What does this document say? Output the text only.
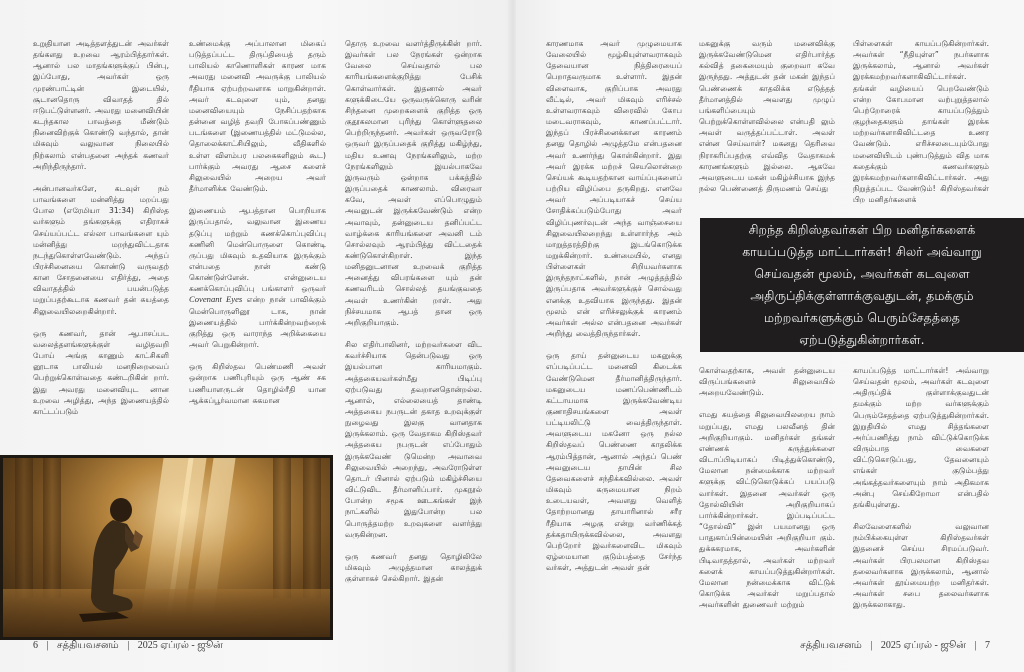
உறுதியான அடித்தளத்துடன் அவர்கள் தங்களது உறவை ஆரம்பித்தார்கள். ஆனால் பல மாதங்களுக்குப் பின்பு, இப்போது, அவர்கள் ஒரு முரண்பாட்டின் இடையில், சூடானதொரு விவாதத் தில் ஈடுபட்டுள்ளனர். அவரது மனைவியின் கடந்தகால பாவத்தை மீண்டும் நினைவிற்குக் கொண்டு வந்தால், தான் மிகவும் வலுவான நிலையில் நிற்கலாம் என்பதனை அந்தக் கணவர் அறிந்திருந்தார்.

அன்பானவர்களே, கடவுள் நம் பாவங்களை மன்னித்து மறப்பது போல (எரேமியா 31:34) கிறிஸ்த வர்களும் தங்களுக்கு எதிராகச் செய்யப்பட்ட எல்லா பாவங்களை யும் மன்னித்து மறந்துவிட்டதாக நடந்துகொள்ளவேண்டும். அந்தப் பிரச்சினையை கொண்டு வருவதற் கான சோதனையை எதிர்த்து, அதை விவாதத்தில் பயன்படுத்த மறுப்பதற்கூடாக கணவர் தன் சுயத்தை சிலுவையிலறைகின்றார்.

ஒரு கணவர், தான் ஆபாசப்பட வலைத்தளங்களுக்குள் வழிதவறி போய் அங்கு காணும் காட்சிகளி னூடாக பாலியல் மனநிறைவைப் பெற்றுக்கொள்வதை கண்டறிகின் றார். இது அவரது மனைவியுட னான உறவை அழித்து, அந்த இணையத்தில் காட்டப்படும்

உண்மைக்கு அப்பாலான மிகைப் படுத்தப்பட்ட திருப்தியைத் தரும் பாலியல் காணொளிகள் காரண மாக அவரது மனைவி அவருக்கு பாலியல் ரீதியாக ஏற்பற்றவளாக மாறுகின்றாள். அவர் கடவுளை யும், தனது மனைவியையும் நேசிப்பதற்காக தன்னை வழித் தவறி போகப்பண்ணும் படங்களை (இணையத்தில் மட்டுமல்ல, தொலைக்காட்சியிலும், வீதிகளில் உள்ள விளம்பர பலகைகளிலும் கூட) பார்க்கும் அவரது ஆசை களைச் சிலுவையில் அறைய அவர் தீர்மானிக்க வேண்டும்.

இணையம் ஆபத்தான பொறியாக இருப்பதால், வலுவான இணைய தடுப்பு மற்றும் கணக்கொப்புவிப்பு கணினி மென்பொருளை கொண்டி ருப்பது மிகவும் உதவியாக இருக்கும் என்பதை நான் கண்டு கொண்டுள்ளேன். என்னுடைய கணக்கொப்புவிப்பு பங்காளர் ஒருவர் Covenant Eyes என்ற நான் பாவிக்கும் மென்பொருளினூ டாக, நான் இணையத்தில் பார்க்கின்றவற்றைக் குறித்து ஒரு வாராந்த அறிக்கையை அவர் பெறுகின்றார்.

ஒரு கிறிஸ்தவ பெண்மணி அவள் ஒன்றாக பணிபுரியும் ஒரு ஆண் சக பணியாளருடன் தொழில்ரீதி யான ஆக்கப்பூர்வமான சுகமான

தொரு உறவை வளர்த்திருக்கின் றார். இவர்கள் பல நேரங்கள் ஒன்றாக வேலை செய்வதால் பல காரியங்களைக்குறித்து பேசிக் கொள்வார்கள். இதனால் அவர் களுக்கிடையே ஒருவருக்கொரு வரின் சிந்தனை முறைகளைக் குறித்த ஒரு குதூகலமான புரிந்து கொள்ளுதலை பெற்றிருந்தனர். அவர்கள் ஒருவரோடு ஒருவர் இருப்பதைக் குறித்து மகிழ்ந்து, மதிய உணவு நேரங்களிலும், மற்ற நேரங்களிலும் இயல்பாகவே இருவரும் ஒன்றாக பக்கத்தில் இருப்பதைக் காணலாம். விரைவா கவே, அவள் எப்பொழுதும் அவனுடன் இருக்கவேண்டும் என்ற அவாவும், தன்னுடைய தனிப்பட்ட வாழ்க்கை காரியங்களை அவனி டம் சொல்லவும் ஆரம்பித்து விட்டதைக் கண்டுகொள்கிறாள். இந்த மனிதனுடனான உறவைக் குறித்த அனைத்து விபரங்களை யும் தன் கணவரிடம் சொல்லத் தயங்குவதை அவள் உணர்கின் றாள். அது நிச்சயமாக ஆபத் தான ஒரு அறிகுறியாகும்.

சில எதிர்பாலினர், மற்றவர்களை விட கவர்ச்சியாக தென்படுவது ஒரு இயல்பான காரியமாகும். அத்தகையவர்கள்மீது பிடிப்பு ஏற்படுவது தவறானதொன்றல்ல. ஆனால், எல்லையைத் தாண்டி அத்தகைய நபருடன் தகாத உறவுக்குள் நுழைவது இலகு வானதாக இருக்கலாம். ஒரு வேதாகம கிறிஸ்தவர் அத்தகைய நபருடன் எப்போதும் இருக்கவேண் டுமென்ற அவாவை சிலுவையில் அறைந்து, அவரோடுள்ள தொடர் பினால் ஏற்படும் மகிழ்ச்சியை விட்டுவிட தீர்மானிப்பார். முகநூல் போன்ற சமூக ஊடகங்கள் இந் நாட்களில் இதுபோன்ற பல பொருத்தமற்ற உறவுகளை வளர்த்து வருகின்றன.

ஒரு கணவர் தனது தொழிலிலே மிகவும் அழுத்தமான காலத்துக் குள்ளாகச் செல்கிறார். இதன்

6 | சத்தியவசனம் | 2025 ஏப்ரல் - ஜூன்

காரணமாக அவர் முழுமையாக வேலையில் மூழ்கியுள்ளவராகவும் தேவையான நித்திரையைப் பெறாதவருமாக உள்ளார். இதன் விளைவாக, குறிப்பாக அவரது வீட்டில், அவர் மிகவும் எரிச்சல் உள்ளவராகவும் விரைவில் கோப மடைவராகவும், காணப்பட்டார். இந்தப் பிரச்சினைக்கான காரணம் தனது தொழில் அழுத்தமே என்பதனை அவர் உணர்ந்து கொள்கின்றார். இது அவர் இரக்க மற்றச் செயலொன்றை செய்யக் கூடியதற்கான வாய்ப்புகளைப் பற்றிய விழிப்பை தருகிறது. எனவே அவர் அப்படியாகச் செய்ய சோதிக்கப்படும்போது அவர் விழிப்புணர்வுடன் அந்த வாஞ்சையை சிலுவையிலறைந்து உள்ளார்ந்த அம் மாறுத்தரத்திற்கு இடங்கொடுக்க மறுக்கின்றார். உண்மையில், எனது பிள்ளைகள் சிறியவர்களாக இருந்தநாட்களில், நான் அழுத்தத்தில் இருப்பதாக அவர்களுக்குச் சொல்வது எனக்கு உதவியாக இருந்தது. இதன் மூலம் என் எரிச்சலுக்குக் காரணம் அவர்கள் அல்ல என்பதனை அவர்கள் அறிந்து வைத்திருந்தார்கள்.

ஒரு தாய் தன்னுடைய மகனுக்கு எப்படிப்பட்ட மனைவி கிடைக்க வேண்டுமென தீர்மானித்திருந்தார். மகனுடைய மணப்பெண்ணிடம் கட்டாயமாக இருக்கவேண்டிய குணாதிசயங்களை அவள் பட்டியலிட்டு வைத்திருந்தாள். அவளுடைய மகனோ ஒரு நல்ல கிறிஸ்தவப் பெண்ணை காதலிக்க ஆரம்பித்தான், ஆனால் அந்தப் பெண் அவனுடைய தாயின் சில தேவைகளைச் சந்திக்கவில்லை. அவள் மிகவும் கருமையான நிறம் உடையவள், அவளது வெளித் தோற்றமானது தாயாரினால் சரீர ரீதியாக அழகு என்று வர்ணிக்கத் தக்கதாயிருக்கவில்லை, அவளது பெற்றோர் இவர்களைவிட மிகவும் ஏழ்மையான குடும்பத்தை சேர்ந்த வர்கள், அத்துடன் அவள் தன்

மகனுக்கு வரும் மனைவிக்கு இருக்கவேண்டுமென எதிர்பார்த்த கல்வித் தகைமையும் குறைவா கவே இருந்தது. அத்துடன் தன் மகன் இந்தப் பெண்ணைக் காதலிக்க எடுத்தத் தீர்மானத்தில் அவளது முழுப் பங்களிப்பையும் பெற்றுக்கொள்ளவில்லை என்பதி லும் அவள் வருத்தப்பட்டாள். அவள் என்ன செய்வாள்? மகனது தெரிவை நிராகரிப்பதற்கு எவ்வித வேதாகமக் காரணங்களும் இல்லை. ஆகவே அவளுடைய மகன் மகிழ்ச்சியாக இந்த நல்ல பெண்ணைத் திருமணம் செய்து

பிள்ளைகள் காயப்படுகின்றார்கள். அவர்கள் “நீதியுள்ள” நபர்களாக இருக்கலாம், ஆனால் அவர்கள் இரக்கமற்றவர்களாகிவிட்டார்கள். தங்கள் வழியைப் பெறவேண்டும் என்ற கோபமான வற்புறுத்தலால் பெற்றோரைக் காயப்படுத்தும் குழந்தைகளும் தாங்கள் இரக்க மற்றவர்களாகிவிட்டதை உணர வேண்டும். எரிச்சலடையும்போது மனைவியிடம் புண்படுத்தும் வித மாக கதைக்கும் கணவர்களும் இரக்கமற்றவர்களாகிவிட்டார்கள். அது நிறுத்தப்பட வேண்டும்! கிறிஸ்தவர்கள் பிற மனிதர்களைக்

சிறந்த கிறிஸ்தவர்கள் பிற மனிதர்களைக் காயப்படுத்த மாட்டார்கள்! சிலர் அவ்வாறு செய்வதன் மூலம், அவர்கள் கடவுளை அதிருப்திக்குள்ளாக்குவதுடன், தமக்கும் மற்றவர்களுக்கும் பெரும்சேதத்தை ஏற்படுத்துகின்றார்கள்.

கொள்வதற்காக, அவள் தன்னுடைய விருப்பங்களைச் சிலுவையில் அறையவேண்டும்.

எமது சுயத்தை சிலுவையிலறைய நாம் மறுப்பது, எமது பலவீனத் தின் அறிகுறியாகும். மனிதர்கள் தங்கள் எண்ணக் கருத்துக்களை விடாப்பிடியாகப் பிடித்துக்கொண்டு, மேலான நன்மைக்காக மற்றவர் களுக்கு விட்டுகொடுக்கப் பயப்படு வார்கள். இதனை அவர்கள் ஒரு தோல்வியின் அறிகுறியாகப் பார்க்கின்றார்கள். இப்படிப்பட்ட “தோல்வி” இன் பயமானது ஒரு பாதுகாப்பின்மையின் அறிகுறியா கும். துக்ககரமாக, அவர்களின் பிடிவாதத்தால், அவர்கள் மற்றவர் களைக் காயப்படுத்துகின்றார்கள். மேலான நன்மைக்காக விட்டுக் கொடுக்க அவர்கள் மறுப்பதால் அவர்களின் துணைவர் மற்றும்

காயப்படுத்த மாட்டார்கள்! அவ்வாறு செய்வதன் மூலம், அவர்கள் கடவுளை அதிருப்திக் குள்ளாக்குவதுடன் தமக்கும் மற்ற வர்களுக்கும் பெரும்சேதத்தை ஏற்படுத்துகின்றார்கள். இறுதியில் எமது சித்தங்களை அர்ப்பணித்து நாம் விட்டுக்கொடுக்க விரும்பாத வைகளை விட்டுகொடுப்பது, தேவனையும் எங்கள் குடும்பத்து அங்கத்தவர்களையும் நாம் அதிகமாக அன்பு செய்கிறோமா என்பதில் தங்கியுள்ளது.

சிலவேளைகளில் வலுவான நம்பிக்கையுள்ள கிறிஸ்தவர்கள் இதனைச் செய்ய சிரமப்படுவர். அவர்கள் பிரபலமான கிறிஸ்தவ தலைவர்களாக இருக்கலாம், ஆனால் அவர்கள் தூய்மையற்ற மனிதர்கள். அவர்கள் சபை தலைவர்களாக இருக்கலாகாது.

சத்தியவசனம் | 2025 ஏப்ரல் - ஜூன் | 7
